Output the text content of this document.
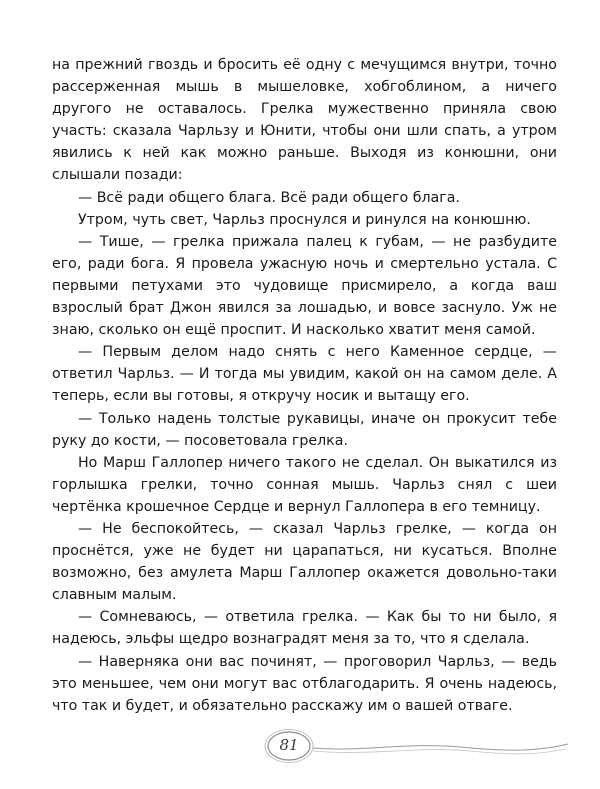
на прежний гвоздь и бросить её одну с мечущимся внутри, точно рассерженная мышь в мышеловке, хобгоблином, а ничего другого не оставалось. Грелка мужественно приняла свою участь: сказала Чарльзу и Юнити, чтобы они шли спать, а утром явились к ней как можно раньше. Выходя из конюшни, они слышали позади:

— Всё ради общего блага. Всё ради общего блага.

Утром, чуть свет, Чарльз проснулся и ринулся на конюшню.

— Тише, — грелка прижала палец к губам, — не разбудите его, ради бога. Я провела ужасную ночь и смертельно устала. С первыми петухами это чудовище присмирело, а когда ваш взрослый брат Джон явился за лошадью, и вовсе заснуло. Уж не знаю, сколько он ещё проспит. И насколько хватит меня самой.

— Первым делом надо снять с него Каменное сердце, — ответил Чарльз. — И тогда мы увидим, какой он на самом деле. А теперь, если вы готовы, я откручу носик и вытащу его.

— Только надень толстые рукавицы, иначе он прокусит тебе руку до кости, — посоветовала грелка.

Но Марш Галлопер ничего такого не сделал. Он выкатился из горлышка грелки, точно сонная мышь. Чарльз снял с шеи чертёнка крошечное Сердце и вернул Галлопера в его темницу.

— Не беспокойтесь, — сказал Чарльз грелке, — когда он проснётся, уже не будет ни царапаться, ни кусаться. Вполне возможно, без амулета Марш Галлопер окажется довольно-таки славным малым.

— Сомневаюсь, — ответила грелка. — Как бы то ни было, я надеюсь, эльфы щедро вознаградят меня за то, что я сделала.

— Наверняка они вас починят, — проговорил Чарльз, — ведь это меньшее, чем они могут вас отблагодарить. Я очень надеюсь, что так и будет, и обязательно расскажу им о вашей отваге.

81
